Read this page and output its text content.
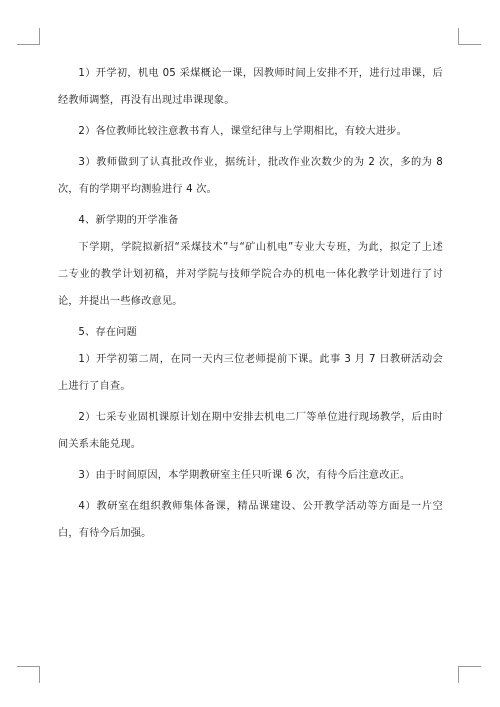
1）开学初，机电 05 采煤概论一课，因教师时间上安排不开，进行过串课，后经教师调整，再没有出现过串课现象。

2）各位教师比较注意教书育人，课堂纪律与上学期相比，有较大进步。

3）教师做到了认真批改作业，据统计，批改作业次数少的为 2 次，多的为 8 次，有的学期平均测验进行 4 次。

4、新学期的开学准备

下学期，学院拟新招“采煤技术”与“矿山机电”专业大专班，为此，拟定了上述二专业的教学计划初稿，并对学院与技师学院合办的机电一体化教学计划进行了讨论，并提出一些修改意见。

5、存在问题

1）开学初第二周，在同一天内三位老师提前下课。此事 3 月 7 日教研活动会上进行了自查。

2）七采专业固机课原计划在期中安排去机电二厂等单位进行现场教学，后由时间关系未能兑现。

3）由于时间原因，本学期教研室主任只听课 6 次，有待今后注意改正。

4）教研室在组织教师集体备课，精品课建设、公开教学活动等方面是一片空白，有待今后加强。
